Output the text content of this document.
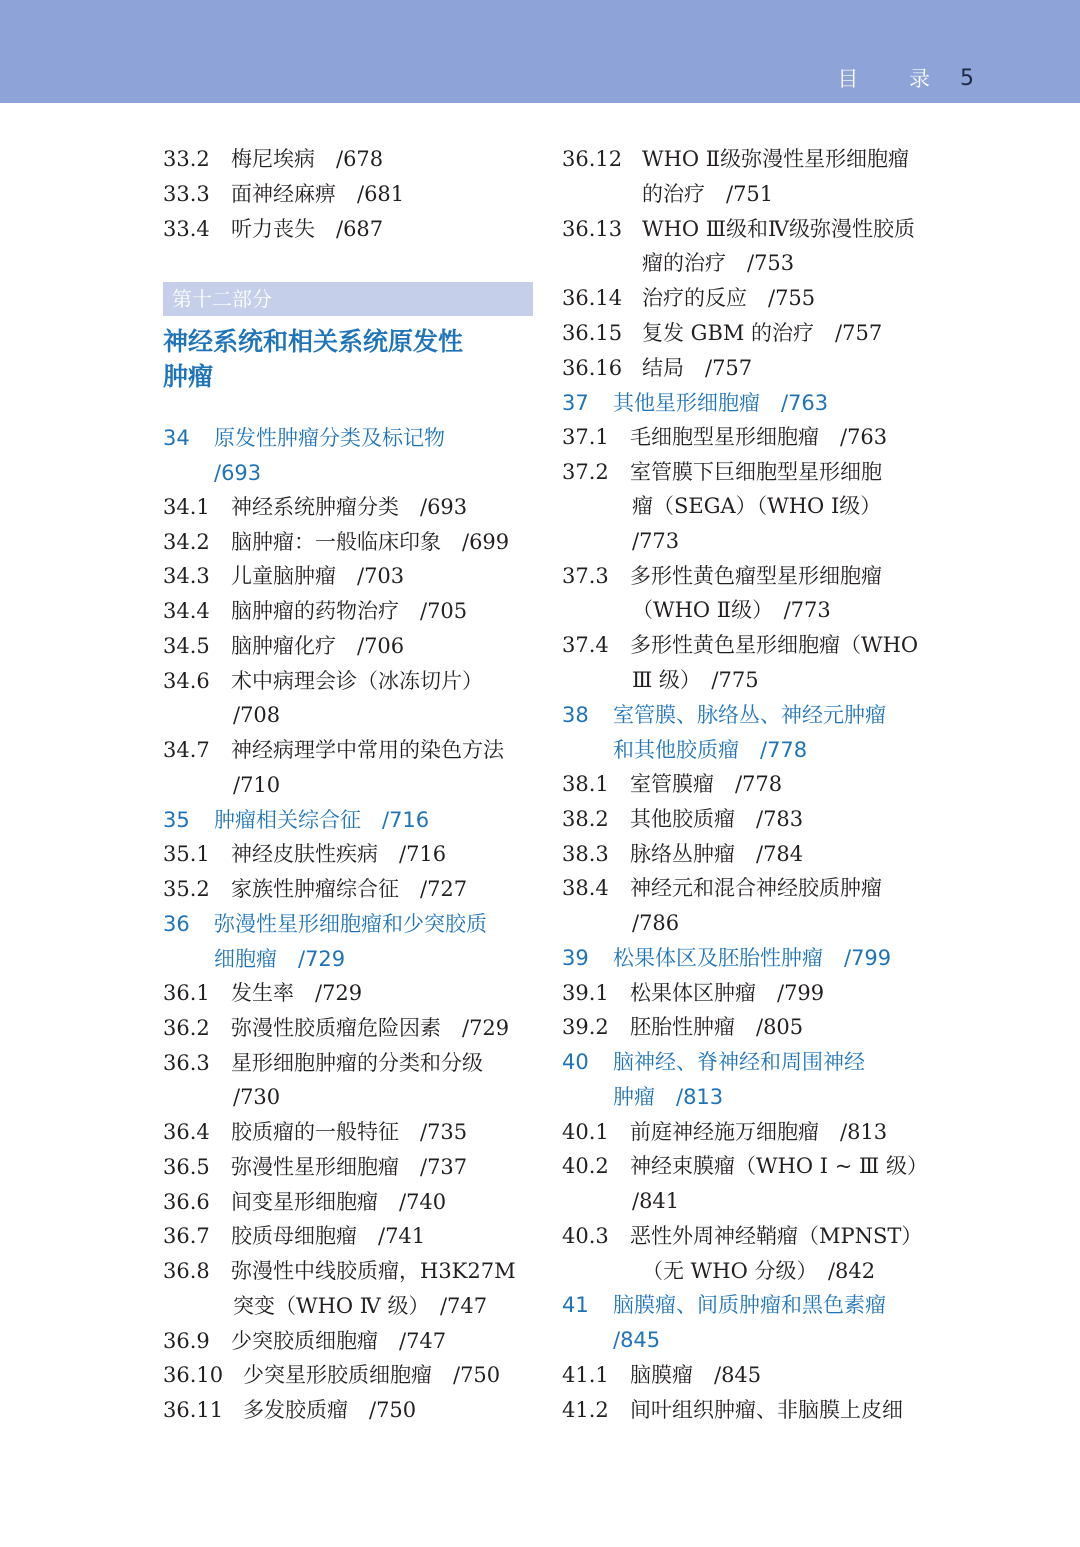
目 录 5
33.2 梅尼埃病　/678
33.3 面神经麻痹　/681
33.4 听力丧失　/687
第十二部分
神经系统和相关系统原发性
肿瘤
34 原发性肿瘤分类及标记物
/693
34.1 神经系统肿瘤分类　/693
34.2 脑肿瘤：一般临床印象　/699
34.3 儿童脑肿瘤　/703
34.4 脑肿瘤的药物治疗　/705
34.5 脑肿瘤化疗　/706
34.6 术中病理会诊（冰冻切片）
/708
34.7 神经病理学中常用的染色方法
/710
35 肿瘤相关综合征　/716
35.1 神经皮肤性疾病　/716
35.2 家族性肿瘤综合征　/727
36 弥漫性星形细胞瘤和少突胶质
细胞瘤　/729
36.1 发生率　/729
36.2 弥漫性胶质瘤危险因素　/729
36.3 星形细胞肿瘤的分类和分级
/730
36.4 胶质瘤的一般特征　/735
36.5 弥漫性星形细胞瘤　/737
36.6 间变星形细胞瘤　/740
36.7 胶质母细胞瘤　/741
36.8 弥漫性中线胶质瘤，H3K27M
突变（WHO Ⅳ 级）　/747
36.9 少突胶质细胞瘤　/747
36.10 少突星形胶质细胞瘤　/750
36.11 多发胶质瘤　/750
36.12 WHO Ⅱ级弥漫性星形细胞瘤
的治疗　/751
36.13 WHO Ⅲ级和Ⅳ级弥漫性胶质
瘤的治疗　/753
36.14 治疗的反应　/755
36.15 复发 GBM 的治疗　/757
36.16 结局　/757
37 其他星形细胞瘤　/763
37.1 毛细胞型星形细胞瘤　/763
37.2 室管膜下巨细胞型星形细胞
瘤（SEGA）（WHO Ⅰ级）
/773
37.3 多形性黄色瘤型星形细胞瘤
（WHO Ⅱ级）　/773
37.4 多形性黄色星形细胞瘤（WHO
Ⅲ 级）　/775
38 室管膜、脉络丛、神经元肿瘤
和其他胶质瘤　/778
38.1 室管膜瘤　/778
38.2 其他胶质瘤　/783
38.3 脉络丛肿瘤　/784
38.4 神经元和混合神经胶质肿瘤
/786
39 松果体区及胚胎性肿瘤　/799
39.1 松果体区肿瘤　/799
39.2 胚胎性肿瘤　/805
40 脑神经、脊神经和周围神经
肿瘤　/813
40.1 前庭神经施万细胞瘤　/813
40.2 神经束膜瘤（WHO Ⅰ ~ Ⅲ 级）
/841
40.3 恶性外周神经鞘瘤（MPNST）
（无 WHO 分级）　/842
41 脑膜瘤、间质肿瘤和黑色素瘤
/845
41.1 脑膜瘤　/845
41.2 间叶组织肿瘤、非脑膜上皮细
